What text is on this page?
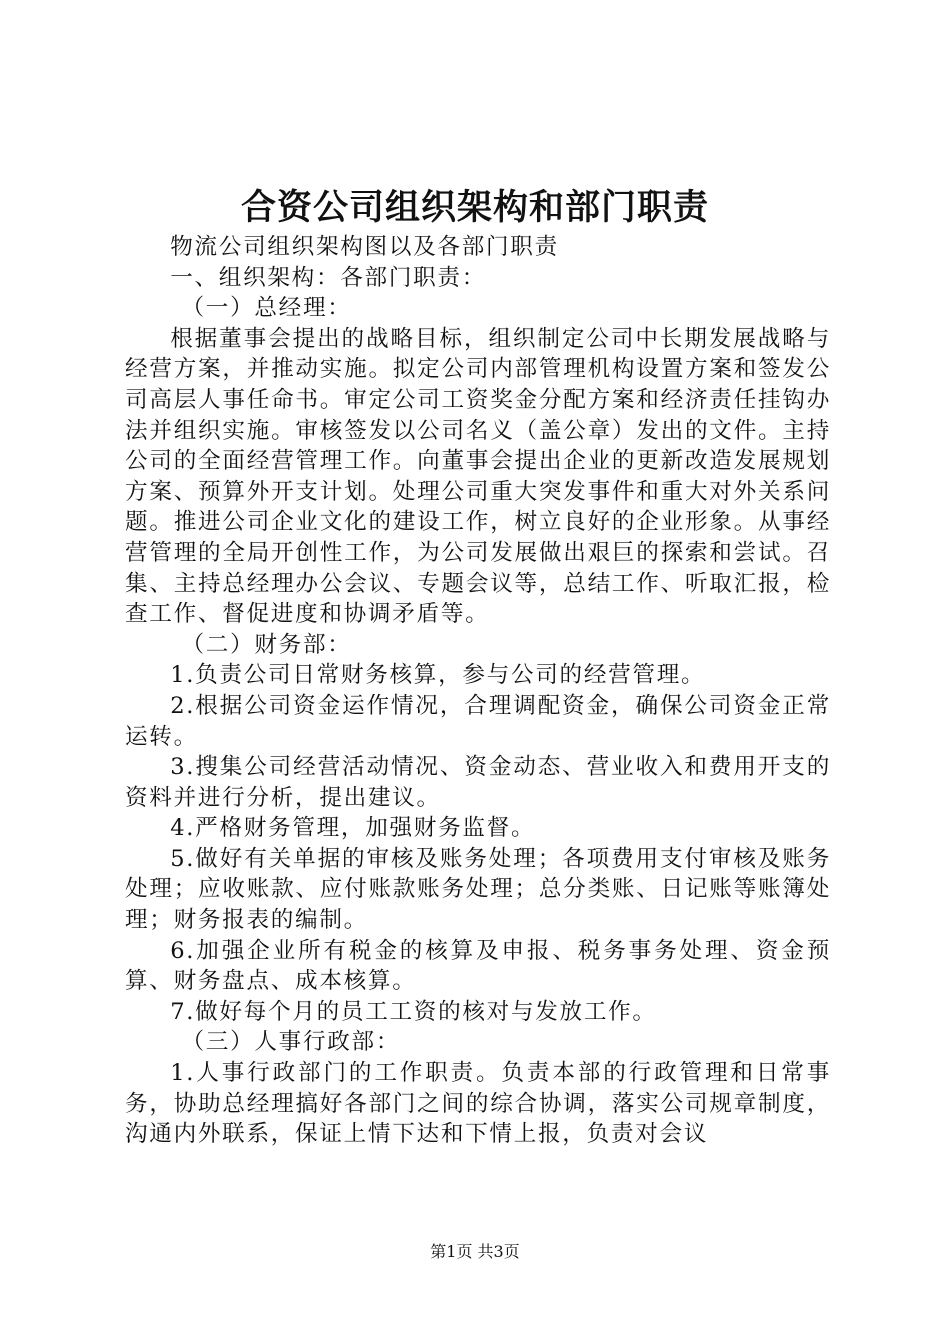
合资公司组织架构和部门职责

物流公司组织架构图以及各部门职责

一、组织架构：各部门职责：

（一）总经理：

根据董事会提出的战略目标，组织制定公司中长期发展战略与经营方案，并推动实施。拟定公司内部管理机构设置方案和签发公司高层人事任命书。审定公司工资奖金分配方案和经济责任挂钩办法并组织实施。审核签发以公司名义（盖公章）发出的文件。主持公司的全面经营管理工作。向董事会提出企业的更新改造发展规划方案、预算外开支计划。处理公司重大突发事件和重大对外关系问题。推进公司企业文化的建设工作，树立良好的企业形象。从事经营管理的全局开创性工作，为公司发展做出艰巨的探索和尝试。召集、主持总经理办公会议、专题会议等，总结工作、听取汇报，检查工作、督促进度和协调矛盾等。

（二）财务部：

1.负责公司日常财务核算，参与公司的经营管理。

2.根据公司资金运作情况，合理调配资金，确保公司资金正常运转。

3.搜集公司经营活动情况、资金动态、营业收入和费用开支的资料并进行分析，提出建议。

4.严格财务管理，加强财务监督。

5.做好有关单据的审核及账务处理；各项费用支付审核及账务处理；应收账款、应付账款账务处理；总分类账、日记账等账簿处理；财务报表的编制。

6.加强企业所有税金的核算及申报、税务事务处理、资金预算、财务盘点、成本核算。

7.做好每个月的员工工资的核对与发放工作。

（三）人事行政部：

1.人事行政部门的工作职责。负责本部的行政管理和日常事务，协助总经理搞好各部门之间的综合协调，落实公司规章制度，沟通内外联系，保证上情下达和下情上报，负责对会议

第1页 共3页
